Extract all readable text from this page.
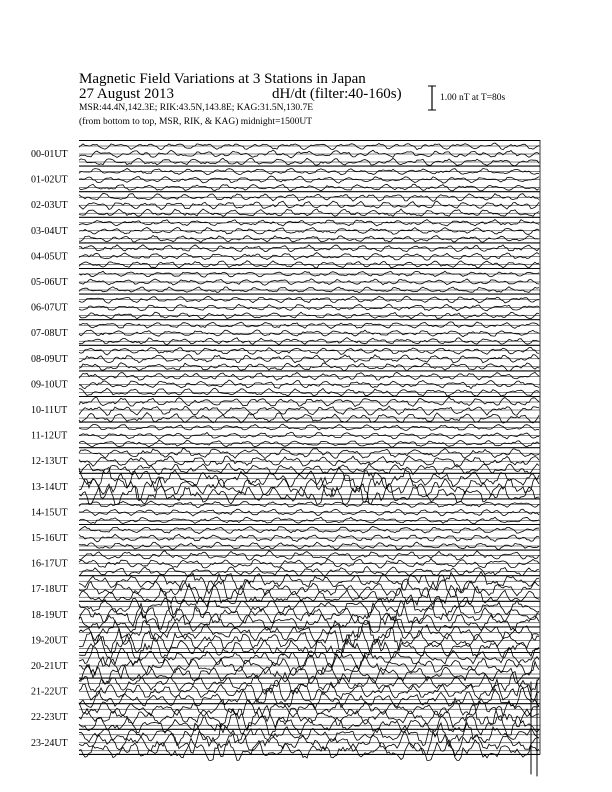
Magnetic Field Variations at 3 Stations in Japan
27 August 2013	dH/dt (filter:40-160s)
MSR:44.4N,142.3E; RIK:43.5N,143.8E; KAG:31.5N,130.7E
(from bottom to top, MSR, RIK, & KAG) midnight=1500UT
1.00 nT at T=80s
00-01UT
01-02UT
02-03UT
03-04UT
04-05UT
05-06UT
06-07UT
07-08UT
08-09UT
09-10UT
10-11UT
11-12UT
12-13UT
13-14UT
14-15UT
15-16UT
16-17UT
17-18UT
18-19UT
19-20UT
20-21UT
21-22UT
22-23UT
23-24UT
